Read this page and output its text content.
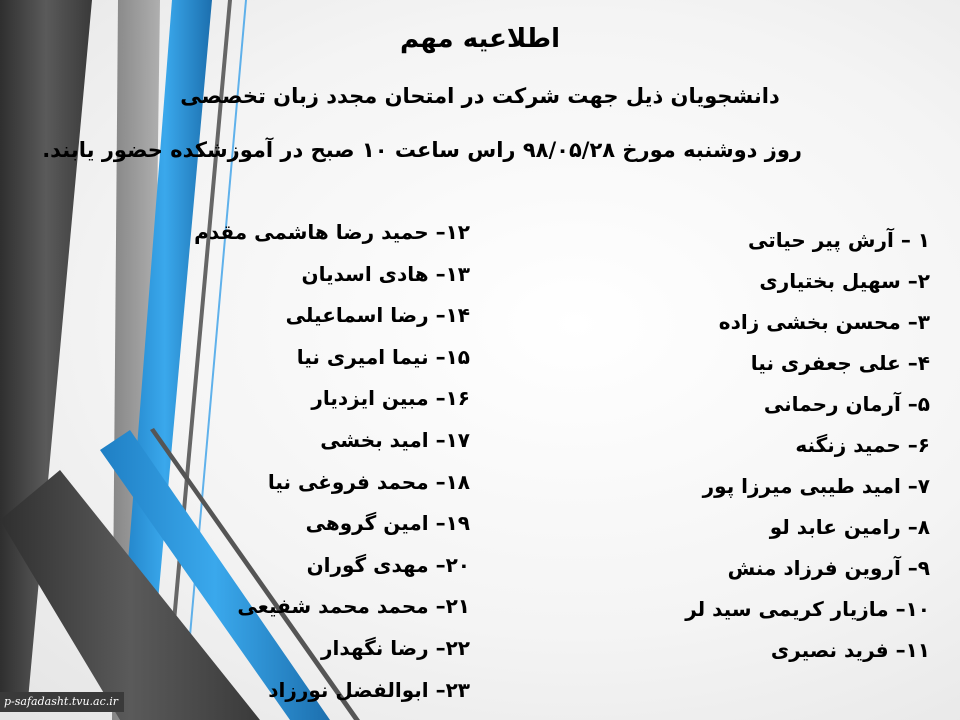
اطلاعیه مهم
دانشجویان ذیل جهت شرکت در امتحان مجدد زبان تخصصی
روز دوشنبه مورخ ۹۸/۰۵/۲۸ راس ساعت ۱۰ صبح در آموزشکده حضور یابند.
۱ – آرش پیر حیاتی
۲– سهیل بختیاری
۳– محسن بخشی زاده
۴– علی جعفری نیا
۵– آرمان رحمانی
۶– حمید زنگنه
۷– امید طیبی میرزا پور
۸– رامین عابد لو
۹– آروین فرزاد منش
۱۰– مازیار کریمی سید لر
۱۱– فرید نصیری
۱۲– حمید رضا هاشمی مقدم
۱۳– هادی اسدیان
۱۴– رضا اسماعیلی
۱۵– نیما امیری نیا
۱۶– مبین ایزدیار
۱۷– امید بخشی
۱۸– محمد فروغی نیا
۱۹– امین گروهی
۲۰– مهدی گوران
۲۱– محمد محمد شفیعی
۲۲– رضا نگهدار
۲۳– ابوالفضل نورزاد
p-safadasht.tvu.ac.ir
